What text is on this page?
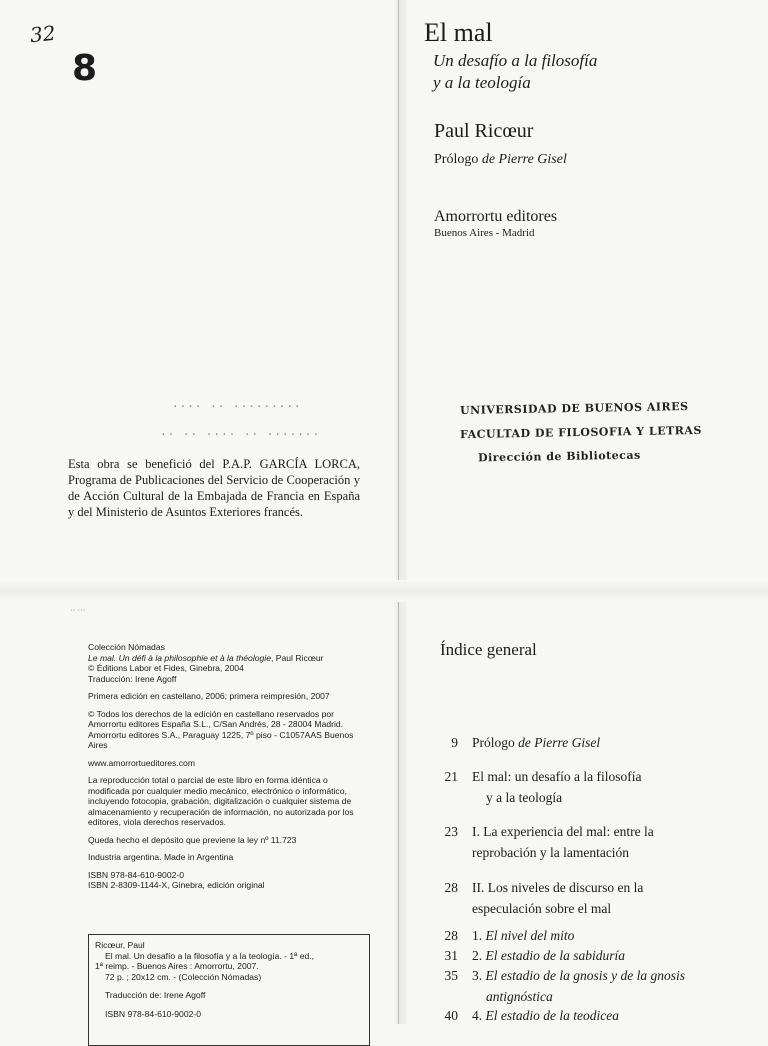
32
8
···· ·· ·········
·· ·· ···· ·· ·······
Esta obra se benefició del P.A.P. GARCÍA LORCA, Programa de Publicaciones del Servicio de Cooperación y de Acción Cultural de la Embajada de Francia en España y del Ministerio de Asuntos Exteriores francés.
El mal
Un desafío a la filosofía
y a la teología
Paul Ricœur
Prólogo de Pierre Gisel
Amorrortu editores
Buenos Aires - Madrid
UNIVERSIDAD DE BUENOS AIRES
FACULTAD DE FILOSOFIA Y LETRAS
Dirección de Bibliotecas
·· ···

Colección Nómadas
Le mal. Un défi à la philosophie et à la théologie, Paul Ricœur
© Éditions Labor et Fides, Ginebra, 2004
Traducción: Irene Agoff

Primera edición en castellano, 2006; primera reimpresión, 2007

© Todos los derechos de la edición en castellano reservados por Amorrortu editores España S.L., C/San Andrés, 28 - 28004 Madrid. Amorrortu editores S.A., Paraguay 1225, 7º piso - C1057AAS Buenos Aires

www.amorrortueditores.com

La reproducción total o parcial de este libro en forma idéntica o modificada por cualquier medio mecánico, electrónico o informático, incluyendo fotocopia, grabación, digitalización o cualquier sistema de almacenamiento y recuperación de información, no autorizada por los editores, viola derechos reservados.

Queda hecho el depósito que previene la ley nº 11.723

Industria argentina. Made in Argentina

ISBN 978-84-610-9002-0
ISBN 2-8309-1144-X, Ginebra, edición original

Ricœur, Paul

El mal. Un desafío a la filosofía y a la teología. - 1ª ed.,

1ª reimp. - Buenos Aires : Amorrortu, 2007.

72 p. ; 20x12 cm. - (Colección Nómadas)

Traducción de: Irene Agoff

ISBN 978-84-610-9002-0

Índice general
9 Prólogo de Pierre Gisel
21 El mal: un desafío a la filosofía
y a la teología
23 I. La experiencia del mal: entre la
reprobación y la lamentación
28 II. Los niveles de discurso en la
especulación sobre el mal
28 1. El nivel del mito
31 2. El estadio de la sabiduría
35 3. El estadio de la gnosis y de la gnosis
antignóstica
40 4. El estadio de la teodicea
